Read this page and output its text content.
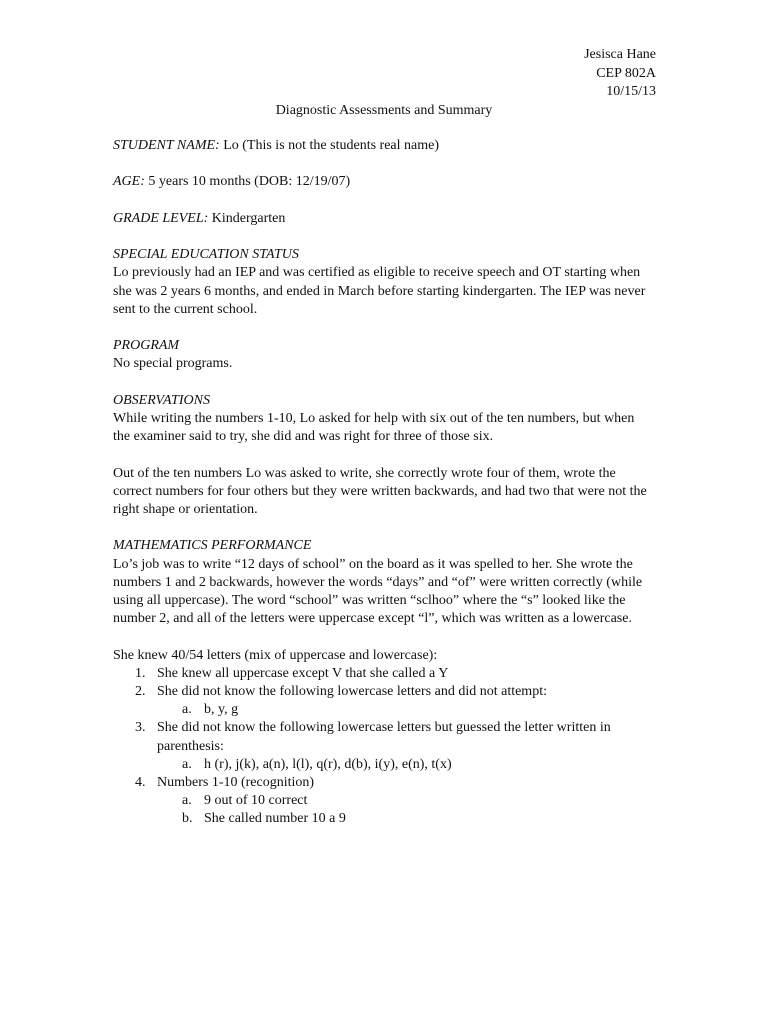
Jesisca Hane
CEP 802A
10/15/13
Diagnostic Assessments and Summary

STUDENT NAME: Lo (This is not the students real name)

AGE: 5 years 10 months (DOB: 12/19/07)

GRADE LEVEL: Kindergarten

SPECIAL EDUCATION STATUS

Lo previously had an IEP and was certified as eligible to receive speech and OT starting when she was 2 years 6 months, and ended in March before starting kindergarten. The IEP was never sent to the current school.

PROGRAM

No special programs.

OBSERVATIONS

While writing the numbers 1-10, Lo asked for help with six out of the ten numbers, but when the examiner said to try, she did and was right for three of those six.

Out of the ten numbers Lo was asked to write, she correctly wrote four of them, wrote the correct numbers for four others but they were written backwards, and had two that were not the right shape or orientation.

MATHEMATICS PERFORMANCE

Lo’s job was to write “12 days of school” on the board as it was spelled to her. She wrote the numbers 1 and 2 backwards, however the words “days” and “of” were written correctly (while using all uppercase). The word “school” was written “sclhoo” where the “s” looked like the number 2, and all of the letters were uppercase except “l”, which was written as a lowercase.

She knew 40/54 letters (mix of uppercase and lowercase):

1. She knew all uppercase except V that she called a Y
2. She did not know the following lowercase letters and did not attempt:
a. b, y, g
3. She did not know the following lowercase letters but guessed the letter written in parenthesis:
a. h (r), j(k), a(n), l(l), q(r), d(b), i(y), e(n), t(x)
4. Numbers 1-10 (recognition)
a. 9 out of 10 correct
b. She called number 10 a 9
